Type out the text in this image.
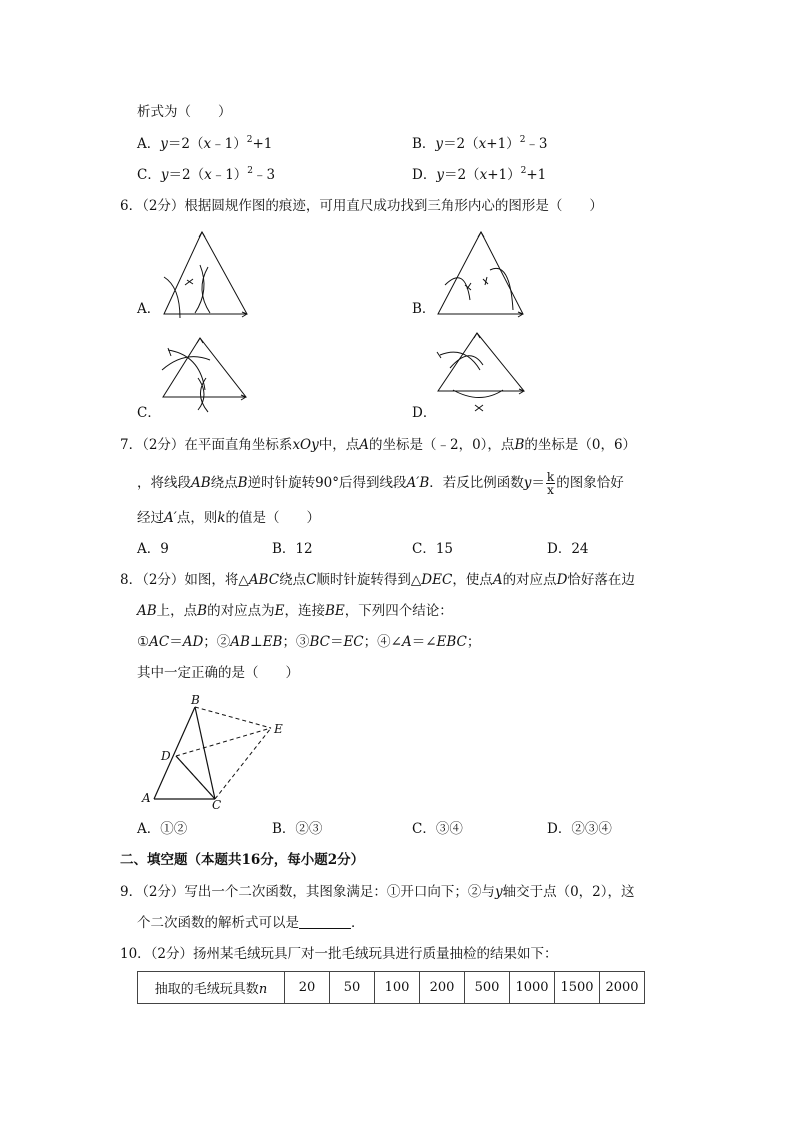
析式为（　　）
A．y＝2（x﹣1）$^2$+1	B．$y=2(x+1)^2﹣3$
C．y＝2（x﹣1）$^2$﹣3	D．$y=2(x+1)^2+1$
6．（2分）根据圆规作图的痕迹，可用直尺成功找到三角形内心的图形是（　　）
A．	B．
C．	D．
7．（2分）在平面直角坐标系xOy中，点A的坐标是（﹣2，0），点B的坐标是（0，6）
，将线段AB绕点B逆时针旋转90°后得到线段A′B．若反比例函数$y= \frac{k}{x}$ 的图象恰好
经过A′点，则k的值是（　　）
A．9	B．12	C．15	D．24
8．（2分）如图，将△ABC绕点C顺时针旋转得到△DEC，使点A的对应点D恰好落在边
AB上，点B的对应点为E，连接BE，下列四个结论：
①AC＝AD；②AB⊥EB；③BC＝EC；④∠A＝∠EBC；
其中一定正确的是（　　）
A
B
C
D
E
A．①②	B．②③	C．③④	D．②③④
二、填空题（本题共16分，每小题2分）
9．（2分）写出一个二次函数，其图象满足：①开口向下；②与y轴交于点（0，2），这
个二次函数的解析式可以是	．
10．（2分）扬州某毛绒玩具厂对一批毛绒玩具进行质量抽检的结果如下：
抽取的毛绒玩具数n	20	50	100	200	500	1000	1500	2000
